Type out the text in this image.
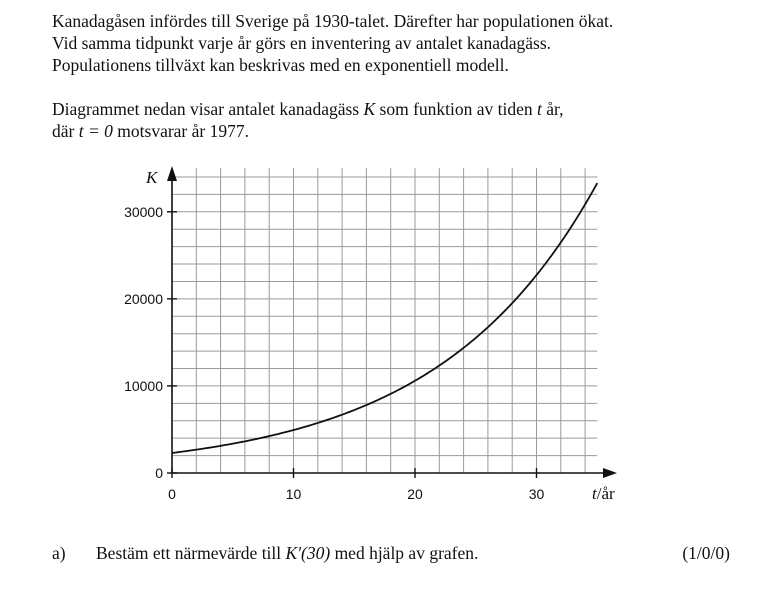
Kanadagåsen infördes till Sverige på 1930-talet. Därefter har populationen ökat.

Vid samma tidpunkt varje år görs en inventering av antalet kanadagäss.

Populationens tillväxt kan beskrivas med en exponentiell modell.

Diagrammet nedan visar antalet kanadagäss K som funktion av tiden t år,

där t = 0 motsvarar år 1977.

0	10	20	30
0
10000
20000
30000
K
t/år
a) Bestäm ett närmevärde till K′(30) med hjälp av grafen.	(1/0/0)
